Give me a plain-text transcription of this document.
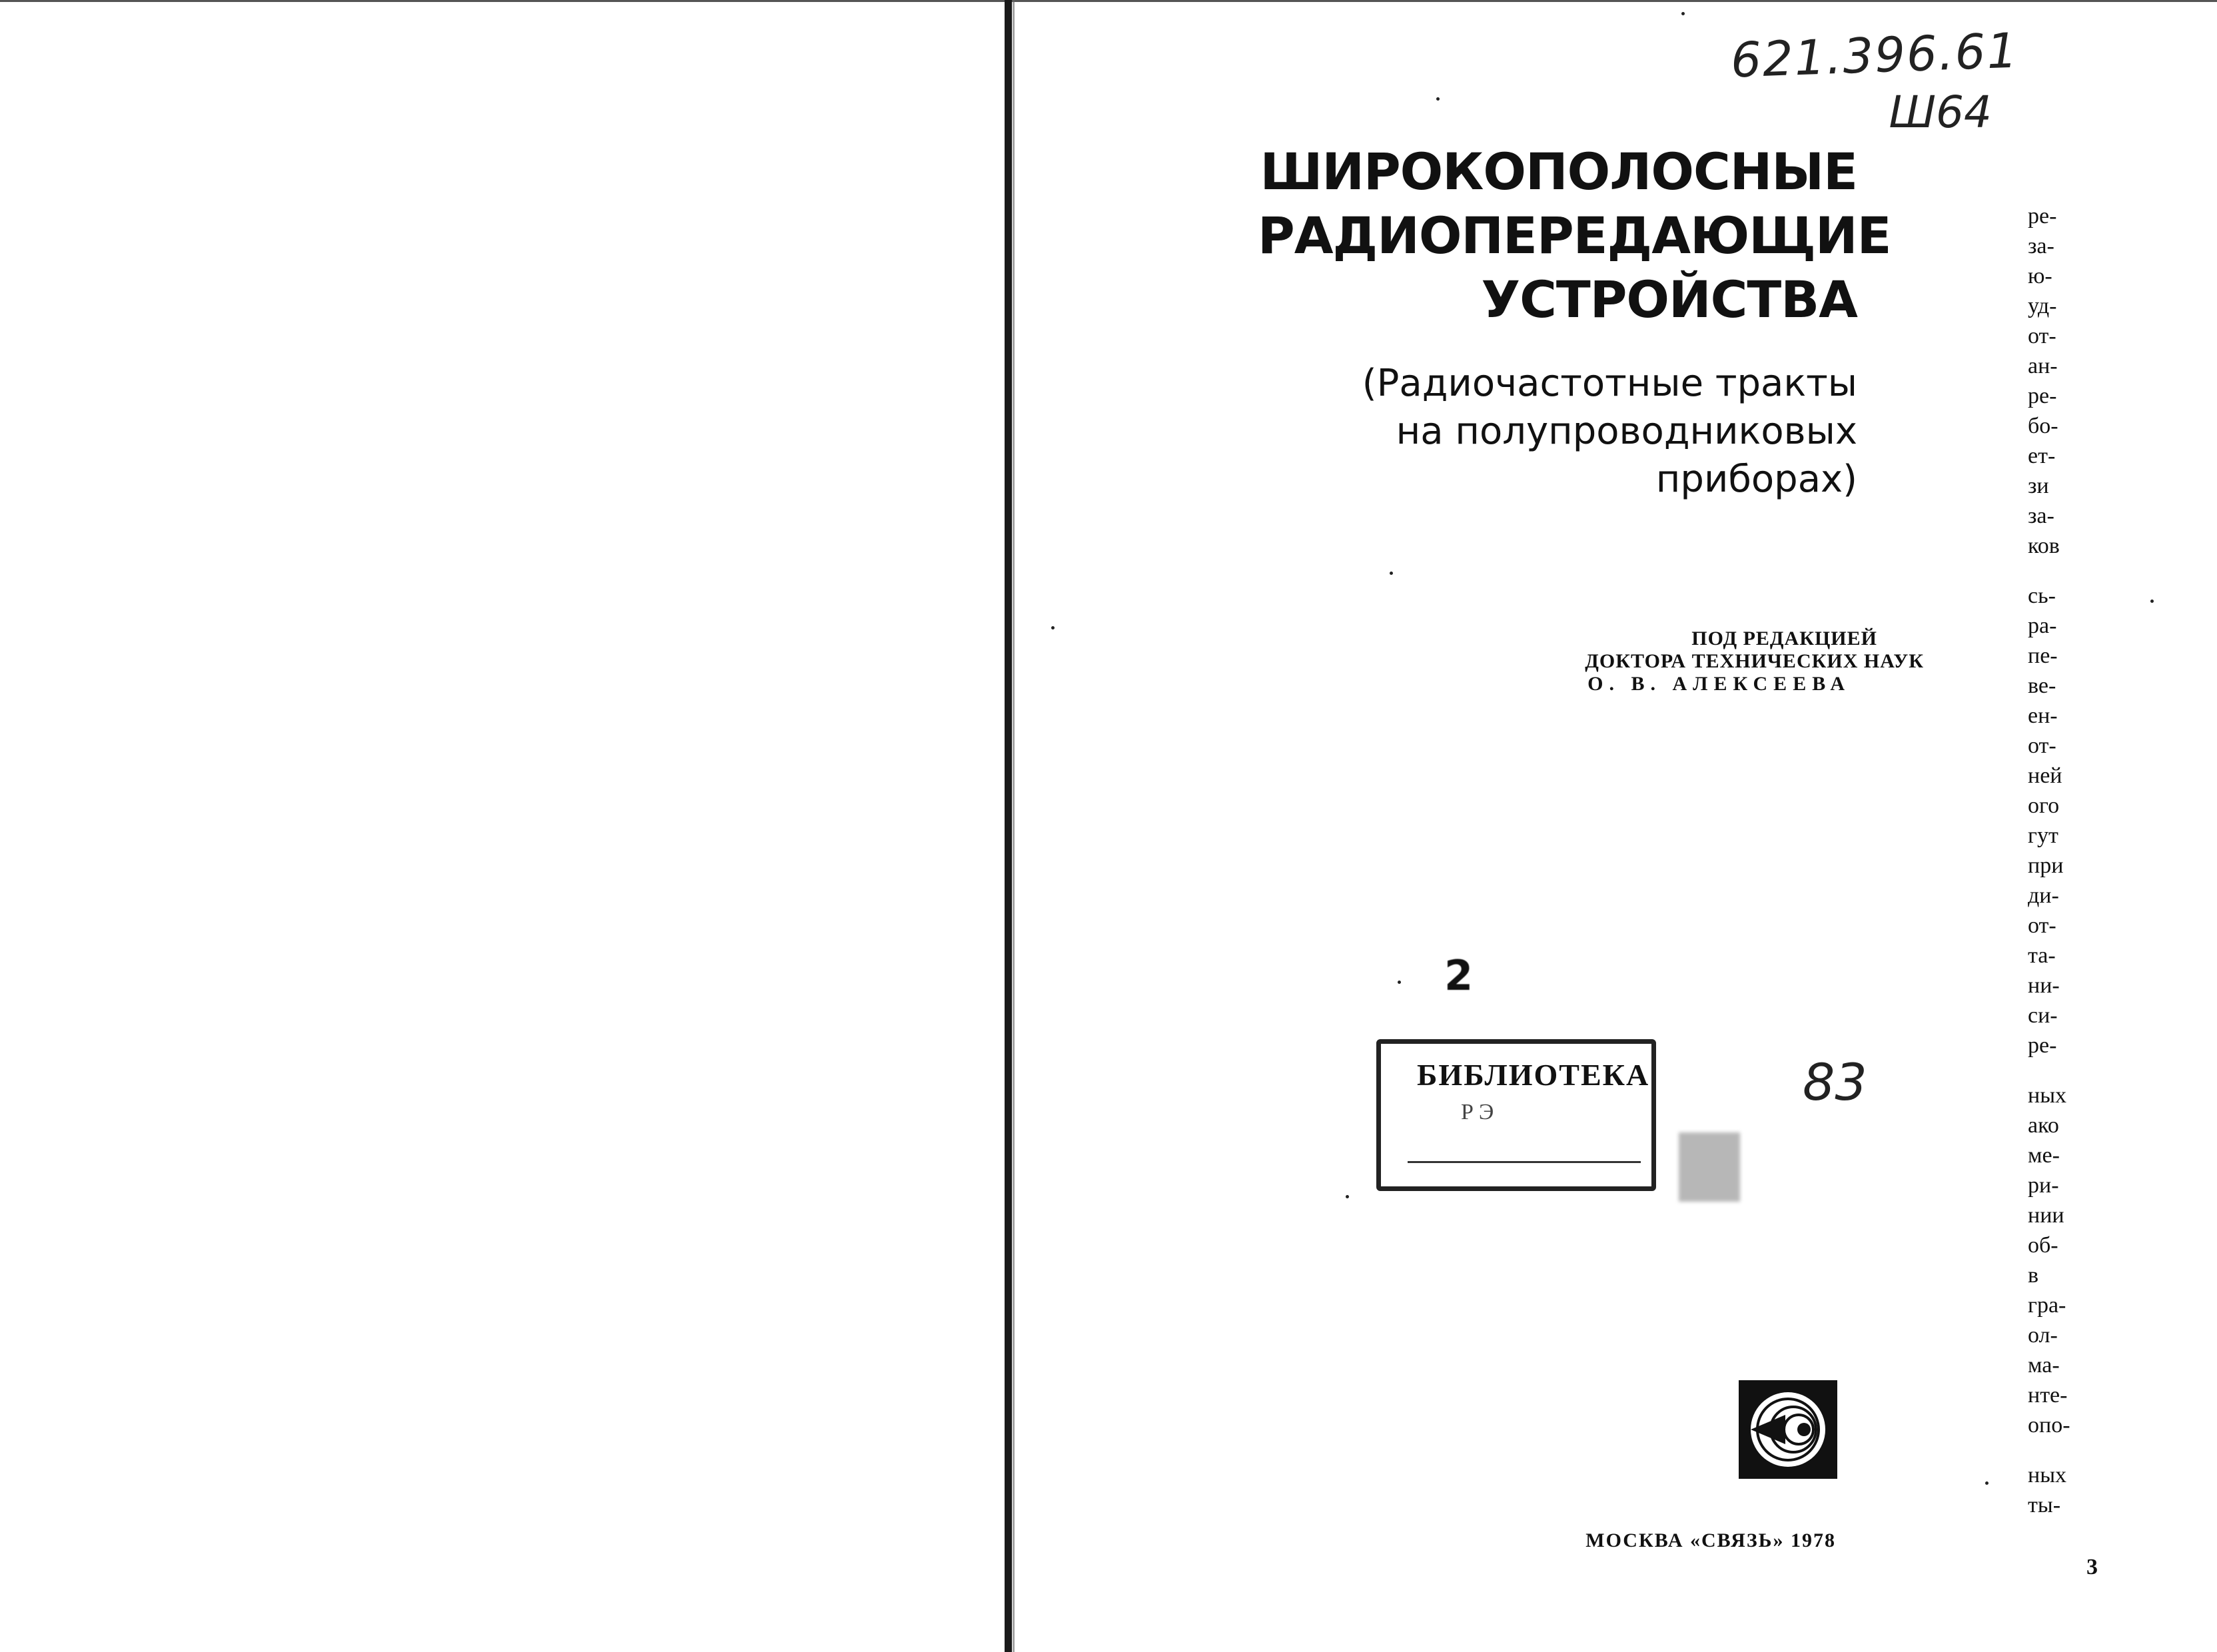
621.396.61
Ш64
ШИРОКОПОЛОСНЫЕ
РАДИОПЕРЕДАЮЩИЕ
УСТРОЙСТВА
(Радиочастотные тракты
на полупроводниковых
приборах)
ПОД РЕДАКЦИЕЙ
ДОКТОРА ТЕХНИЧЕСКИХ НАУК
О. В. АЛЕКСЕЕВА
2
БИБЛИОТЕКА
РЭ
83
МОСКВА «СВЯЗЬ» 1978
ре-
за-
ю-
уд-
от-
ан-
ре-
бо-
ет-
зи
за-
ков
сь-
ра-
пе-
ве-
ен-
от-
ней
ого
гут
при
ди-
от-
та-
ни-
си-
ре-
ных
ако
ме-
ри-
нии
об-
в
гра-
ол-
ма-
нте-
опо-
ных
ты-
3
